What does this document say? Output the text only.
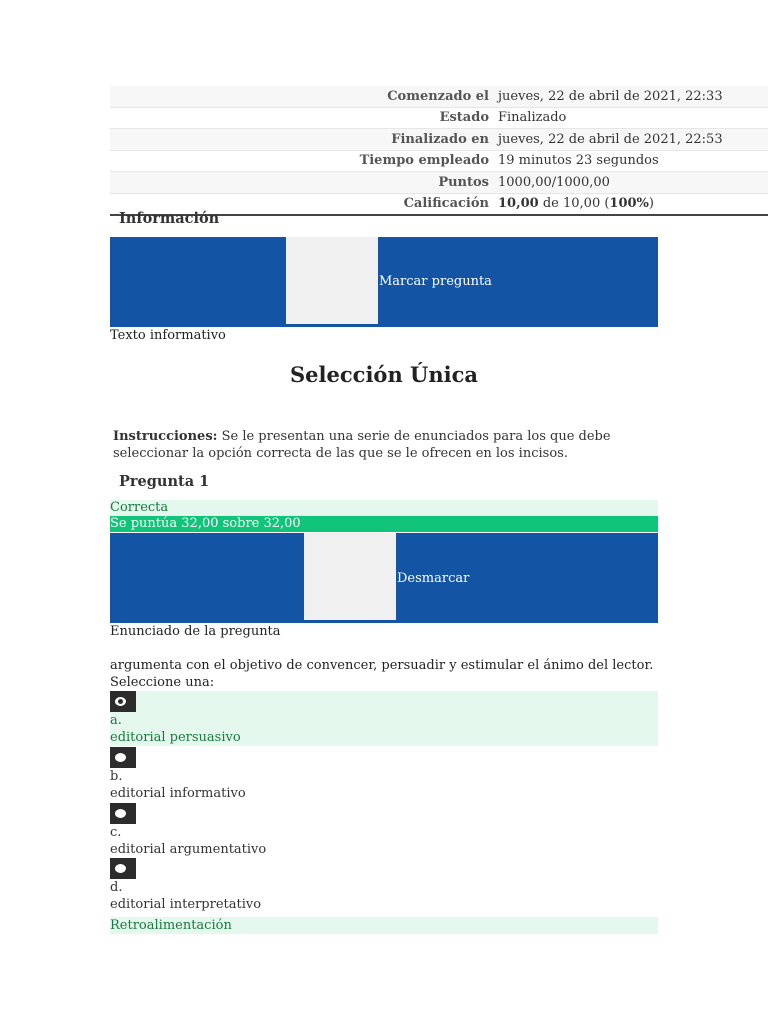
Comenzado el jueves, 22 de abril de 2021, 22:33
Estado Finalizado
Finalizado en jueves, 22 de abril de 2021, 22:53
Tiempo empleado 19 minutos 23 segundos
Puntos 1000,00/1000,00
Calificación 10,00 de 10,00 (100%)
Información
Marcar pregunta
Texto informativo
Selección Única
Instrucciones: Se le presentan una serie de enunciados para los que debe seleccionar la opción correcta de las que se le ofrecen en los incisos.
Pregunta 1
Correcta
Se puntúa 32,00 sobre 32,00
Desmarcar
Enunciado de la pregunta
argumenta con el objetivo de convencer, persuadir y estimular el ánimo del lector.
Seleccione una:
a.
editorial persuasivo
b.
editorial informativo
c.
editorial argumentativo
d.
editorial interpretativo
Retroalimentación
